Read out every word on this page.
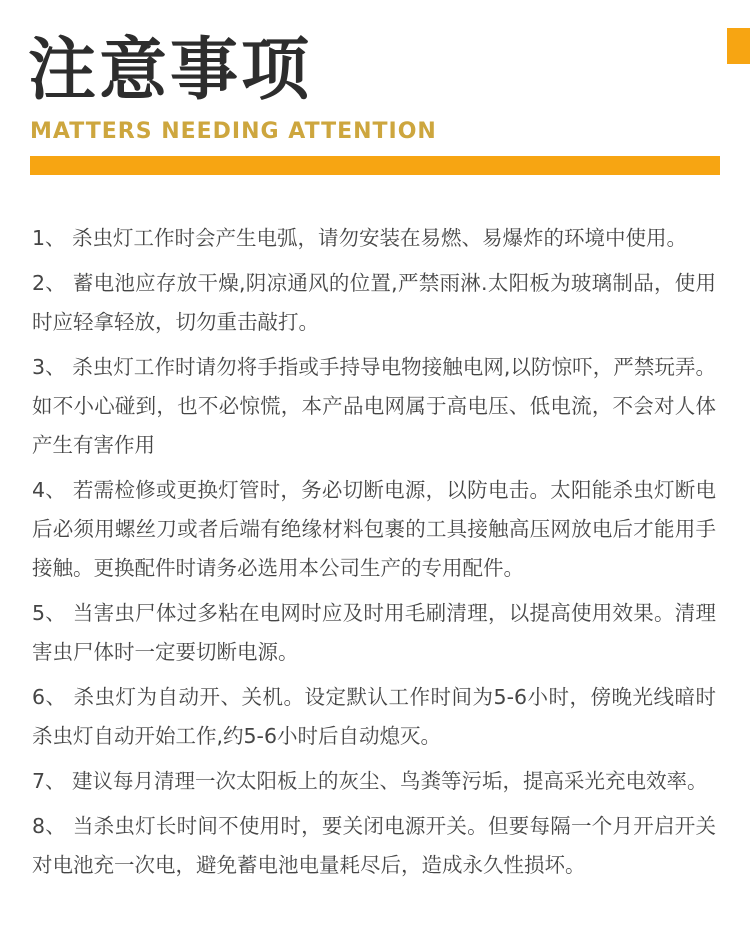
注意事项
MATTERS NEEDING ATTENTION

1、 杀虫灯工作时会产生电弧，请勿安装在易燃、易爆炸的环境中使用。

2、 蓄电池应存放干燥,阴凉通风的位置,严禁雨淋.太阳板为玻璃制品，使用时应轻拿轻放，切勿重击敲打。

3、 杀虫灯工作时请勿将手指或手持导电物接触电网,以防惊吓，严禁玩弄。如不小心碰到，也不必惊慌，本产品电网属于高电压、低电流，不会对人体产生有害作用

4、 若需检修或更换灯管时，务必切断电源，以防电击。太阳能杀虫灯断电后必须用螺丝刀或者后端有绝缘材料包裹的工具接触高压网放电后才能用手接触。更换配件时请务必选用本公司生产的专用配件。

5、 当害虫尸体过多粘在电网时应及时用毛刷清理，以提高使用效果。清理害虫尸体时一定要切断电源。

6、 杀虫灯为自动开、关机。设定默认工作时间为5-6小时，傍晚光线暗时杀虫灯自动开始工作,约5-6小时后自动熄灭。

7、 建议每月清理一次太阳板上的灰尘、鸟粪等污垢，提高采光充电效率。

8、 当杀虫灯长时间不使用时，要关闭电源开关。但要每隔一个月开启开关对电池充一次电，避免蓄电池电量耗尽后，造成永久性损坏。
